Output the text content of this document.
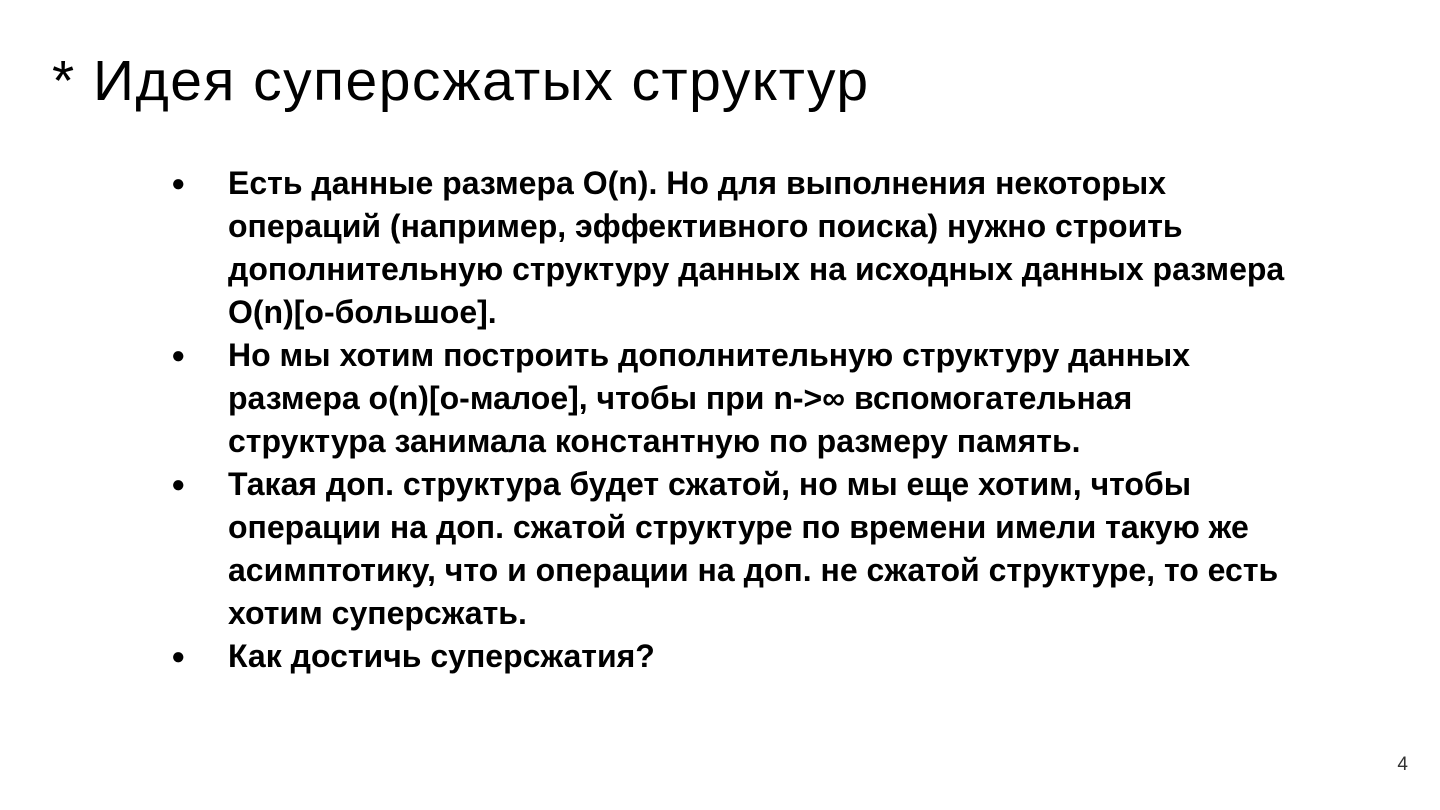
* Идея суперсжатых структур
● Есть данные размера O(n). Но для выполнения некоторых операций (например, эффективного поиска) нужно строить дополнительную структуру данных на исходных данных размера O(n)[o-большое].
● Но мы хотим построить дополнительную структуру данных размера o(n)[o-малое], чтобы при n->∞ вспомогательная структура занимала константную по размеру память.
● Такая доп. структура будет сжатой, но мы еще хотим, чтобы операции на доп. сжатой структуре по времени имели такую же асимптотику, что и операции на доп. не сжатой структуре, то есть хотим суперсжать.
● Как достичь суперсжатия?
4
